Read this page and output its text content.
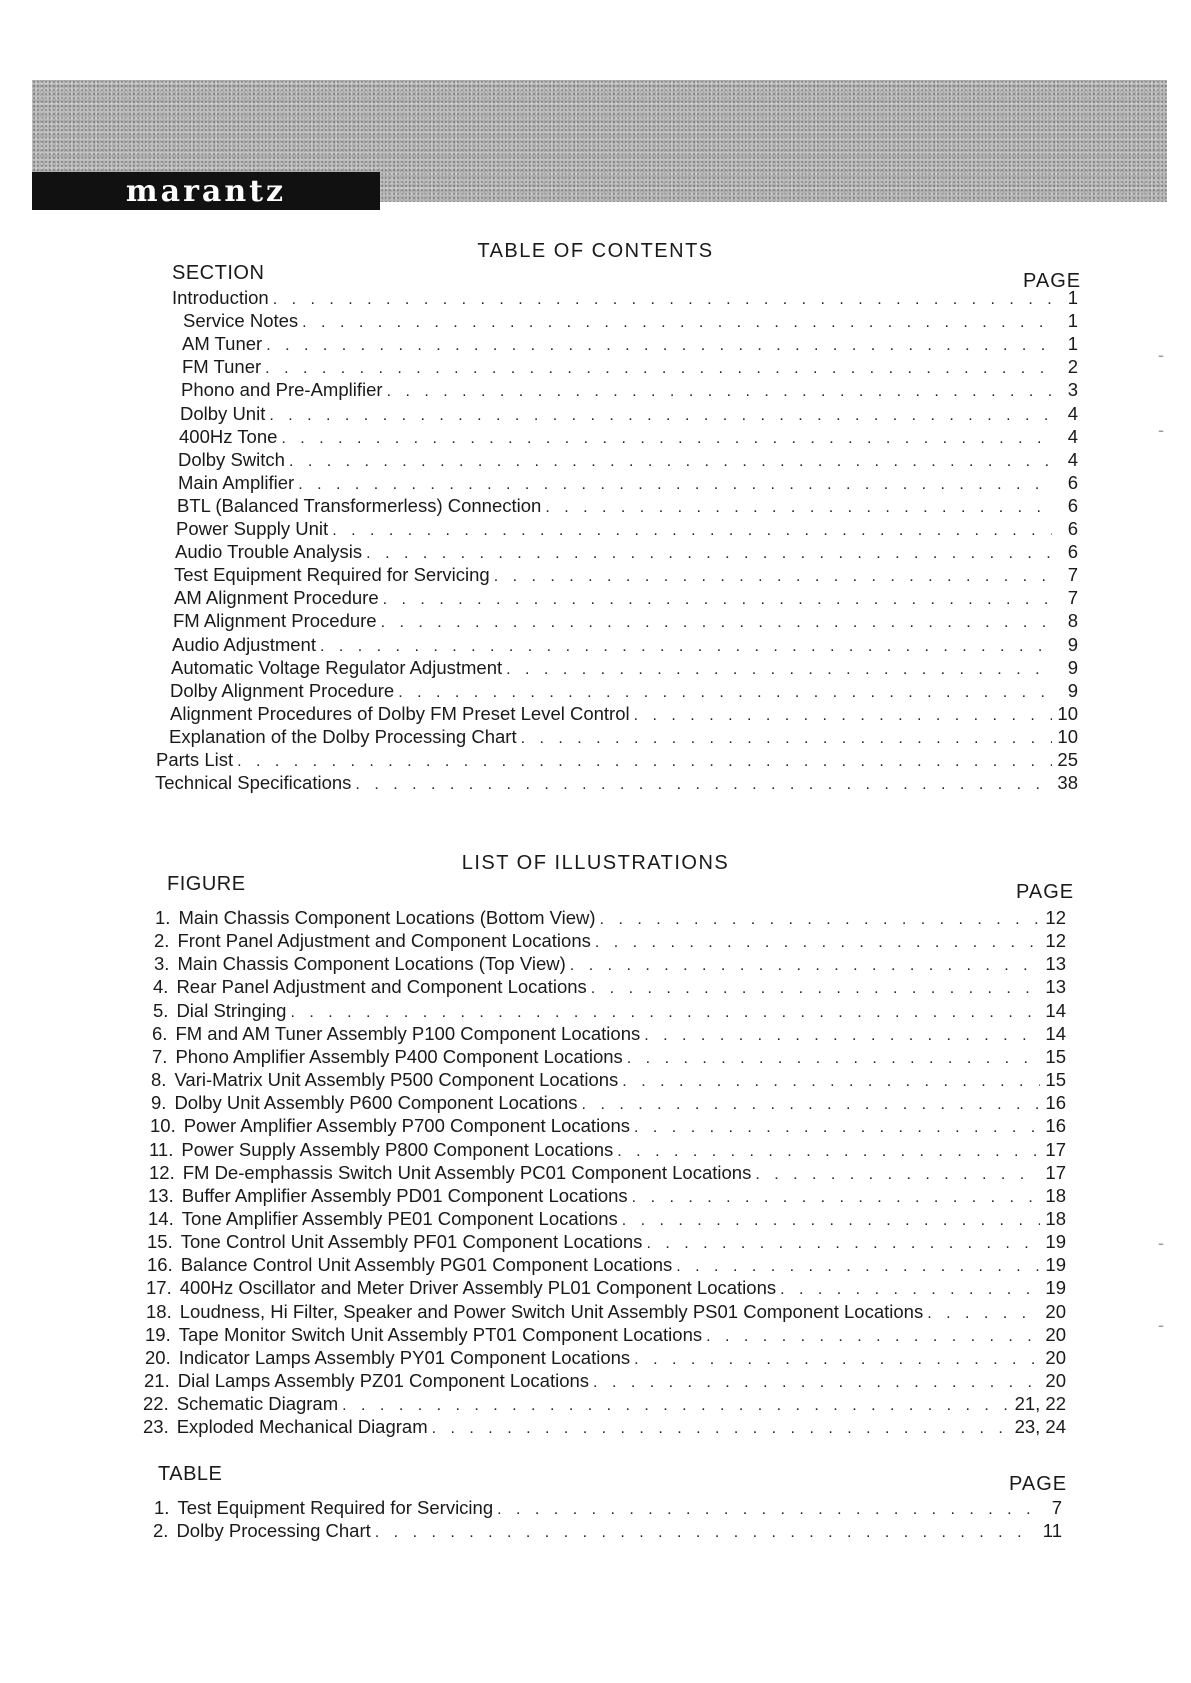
marantz
TABLE OF CONTENTS
SECTION	PAGE
Introduction . . .	1
Service Notes . . .	1
AM Tuner . . .	1
FM Tuner . . .	2
Phono and Pre-Amplifier . . .	3
Dolby Unit . . .	4
400Hz Tone . . .	4
Dolby Switch . . .	4
Main Amplifier . . .	6
BTL (Balanced Transformerless) Connection . . .	6
Power Supply Unit . . .	6
Audio Trouble Analysis . . .	6
Test Equipment Required for Servicing . . .	7
AM Alignment Procedure . . .	7
FM Alignment Procedure . . .	8
Audio Adjustment . . .	9
Automatic Voltage Regulator Adjustment . . .	9
Dolby Alignment Procedure . . .	9
Alignment Procedures of Dolby FM Preset Level Control . . .	10
Explanation of the Dolby Processing Chart . . .	10
Parts List . . .	25
Technical Specifications . . .	38
LIST OF ILLUSTRATIONS
FIGURE	PAGE
1. Main Chassis Component Locations (Bottom View) . . .	12
2. Front Panel Adjustment and Component Locations . . .	12
3. Main Chassis Component Locations (Top View) . . .	13
4. Rear Panel Adjustment and Component Locations . . .	13
5. Dial Stringing . . .	14
6. FM and AM Tuner Assembly P100 Component Locations . . .	14
7. Phono Amplifier Assembly P400 Component Locations . . .	15
8. Vari-Matrix Unit Assembly P500 Component Locations . . .	15
9. Dolby Unit Assembly P600 Component Locations . . .	16
10. Power Amplifier Assembly P700 Component Locations . . .	16
11. Power Supply Assembly P800 Component Locations . . .	17
12. FM De-emphassis Switch Unit Assembly PC01 Component Locations . . .	17
13. Buffer Amplifier Assembly PD01 Component Locations . . .	18
14. Tone Amplifier Assembly PE01 Component Locations . . .	18
15. Tone Control Unit Assembly PF01 Component Locations . . .	19
16. Balance Control Unit Assembly PG01 Component Locations . . .	19
17. 400Hz Oscillator and Meter Driver Assembly PL01 Component Locations . . .	19
18. Loudness, Hi Filter, Speaker and Power Switch Unit Assembly PS01 Component Locations . . .	20
19. Tape Monitor Switch Unit Assembly PT01 Component Locations . . .	20
20. Indicator Lamps Assembly PY01 Component Locations . . .	20
21. Dial Lamps Assembly PZ01 Component Locations . . .	20
22. Schematic Diagram . . .	21, 22
23. Exploded Mechanical Diagram . . .	23, 24
TABLE	PAGE
1. Test Equipment Required for Servicing . . .	7
2. Dolby Processing Chart . . .	11
-
-
-
-
